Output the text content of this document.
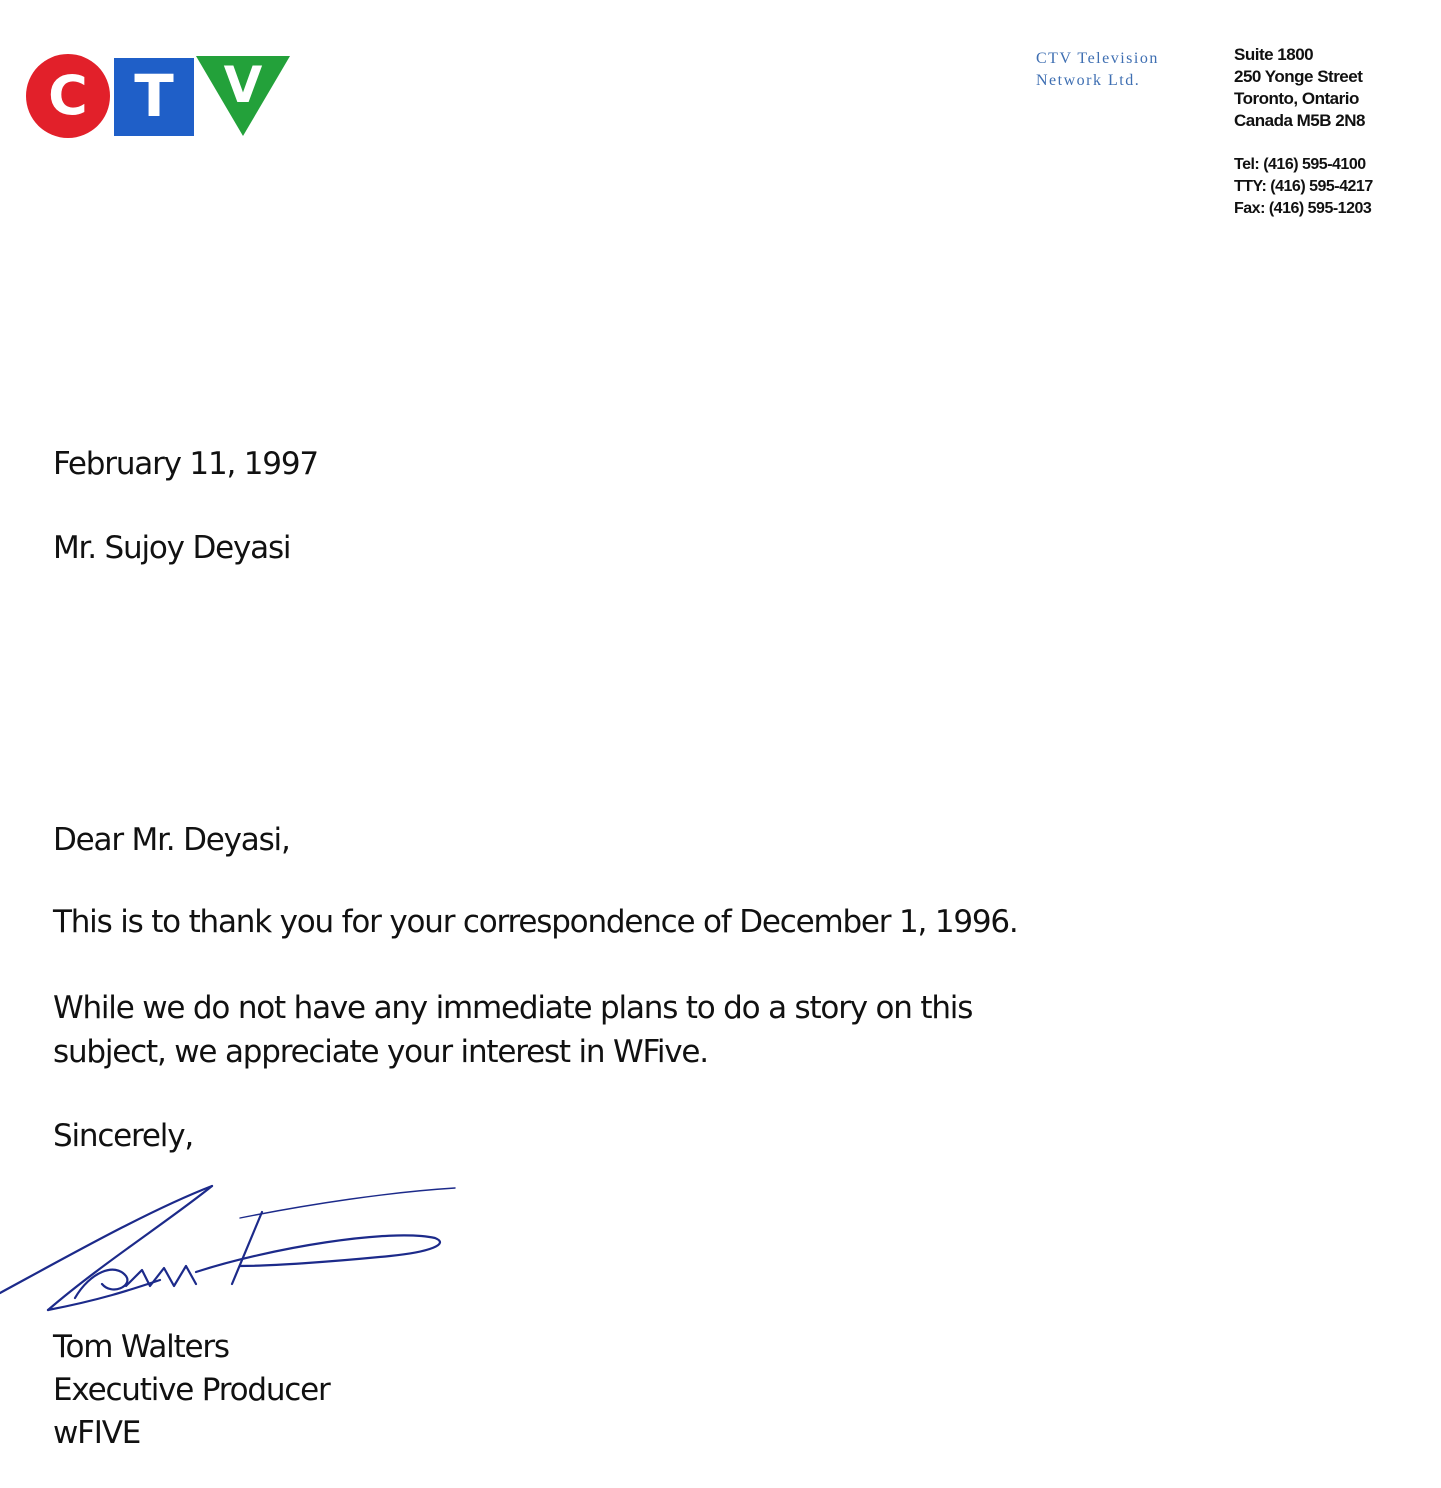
C T V	CTV Television
Network Ltd.
Suite 1800
250 Yonge Street
Toronto, Ontario
Canada M5B 2N8
Tel: (416) 595-4100
TTY: (416) 595-4217
Fax: (416) 595-1203
February 11, 1997
Mr. Sujoy Deyasi
Dear Mr. Deyasi,
This is to thank you for your correspondence of December 1, 1996.
While we do not have any immediate plans to do a story on this
subject, we appreciate your interest in WFive.
Sincerely,
Tom Walters
Executive Producer
wFIVE
